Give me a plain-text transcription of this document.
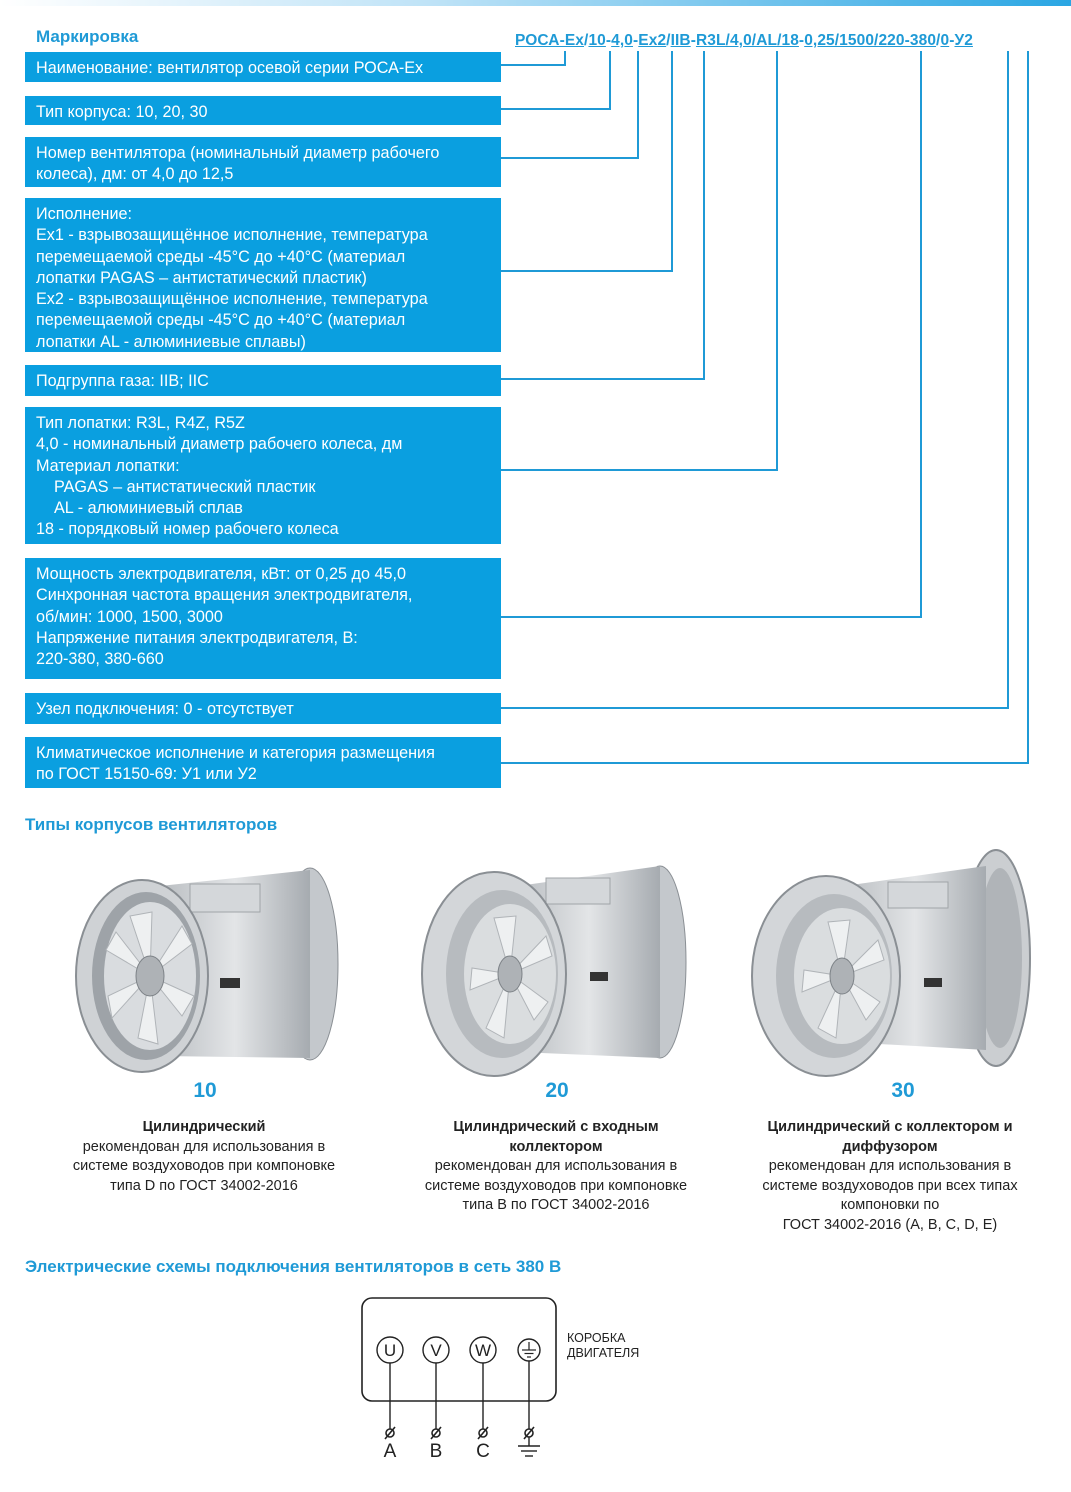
Маркировка	РОСА-Ex/10-4,0-Ex2/IIB-R3L/4,0/AL/18-0,25/1500/220-380/0-У2
Наименование: вентилятор осевой серии РОСА-Ex
Тип корпуса: 10, 20, 30
Номер вентилятора (номинальный диаметр рабочего
колеса), дм: от 4,0 до 12,5
Исполнение:
Ex1 - взрывозащищённое исполнение, температура
перемещаемой среды -45°С до +40°С (материал
лопатки PAGAS – антистатический пластик)
Ex2 - взрывозащищённое исполнение, температура
перемещаемой среды -45°С до +40°С (материал
лопатки AL - алюминиевые сплавы)
Подгруппа газа: IIB; IIC
Тип лопатки: R3L, R4Z, R5Z
4,0 - номинальный диаметр рабочего колеса, дм
Материал лопатки:
PAGAS – антистатический пластик
AL - алюминиевый сплав
18 - порядковый номер рабочего колеса
Мощность электродвигателя, кВт: от 0,25 до 45,0
Синхронная частота вращения электродвигателя,
об/мин: 1000, 1500, 3000
Напряжение питания электродвигателя, В:
220-380, 380-660
Узел подключения: 0 - отсутствует
Климатическое исполнение и категория размещения
по ГОСТ 15150-69: У1 или У2
Типы корпусов вентиляторов
10
Цилиндрический
рекомендован для использования в
системе воздуховодов при компоновке
типа D по ГОСТ 34002-2016
20
Цилиндрический с входным коллектором
рекомендован для использования в
системе воздуховодов при компоновке
типа В по ГОСТ 34002-2016
30
Цилиндрический с коллектором и диффузором
рекомендован для использования в
системе воздуховодов при всех типах
компоновки по
ГОСТ 34002-2016 (А, В, С, D, Е)
Электрические схемы подключения вентиляторов в сеть 380 В
U V W
A B C
КОРОБКА
ДВИГАТЕЛЯ
